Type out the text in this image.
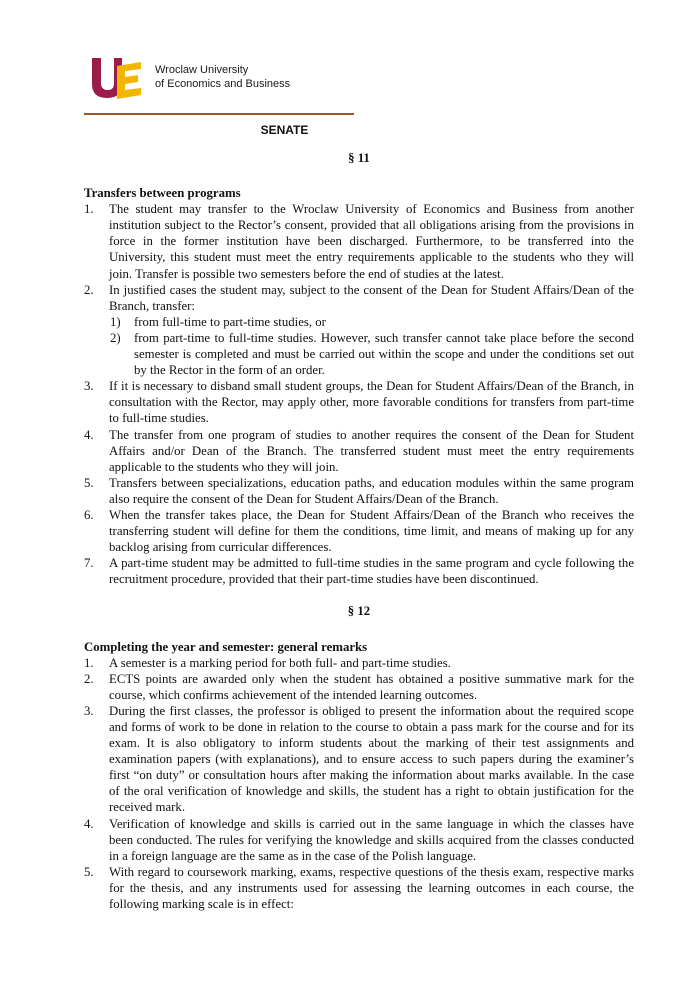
Wroclaw University
of Economics and Business
SENATE
§ 11
Transfers between programs
1. The student may transfer to the Wroclaw University of Economics and Business from another institution subject to the Rector’s consent, provided that all obligations arising from the provisions in force in the former institution have been discharged. Furthermore, to be transferred into the University, this student must meet the entry requirements applicable to the students who they will join. Transfer is possible two semesters before the end of studies at the latest.
2. In justified cases the student may, subject to the consent of the Dean for Student Affairs/Dean of the Branch, transfer:
1) from full-time to part-time studies, or
2) from part-time to full-time studies. However, such transfer cannot take place before the second semester is completed and must be carried out within the scope and under the conditions set out by the Rector in the form of an order.
3. If it is necessary to disband small student groups, the Dean for Student Affairs/Dean of the Branch, in consultation with the Rector, may apply other, more favorable conditions for transfers from part-time to full-time studies.
4. The transfer from one program of studies to another requires the consent of the Dean for Student Affairs and/or Dean of the Branch. The transferred student must meet the entry requirements applicable to the students who they will join.
5. Transfers between specializations, education paths, and education modules within the same program also require the consent of the Dean for Student Affairs/Dean of the Branch.
6. When the transfer takes place, the Dean for Student Affairs/Dean of the Branch who receives the transferring student will define for them the conditions, time limit, and means of making up for any backlog arising from curricular differences.
7. A part-time student may be admitted to full-time studies in the same program and cycle following the recruitment procedure, provided that their part-time studies have been discontinued.
§ 12
Completing the year and semester: general remarks
1. A semester is a marking period for both full- and part-time studies.
2. ECTS points are awarded only when the student has obtained a positive summative mark for the course, which confirms achievement of the intended learning outcomes.
3. During the first classes, the professor is obliged to present the information about the required scope and forms of work to be done in relation to the course to obtain a pass mark for the course and for its exam. It is also obligatory to inform students about the marking of their test assignments and examination papers (with explanations), and to ensure access to such papers during the examiner’s first “on duty” or consultation hours after making the information about marks available. In the case of the oral verification of knowledge and skills, the student has a right to obtain justification for the received mark.
4. Verification of knowledge and skills is carried out in the same language in which the classes have been conducted. The rules for verifying the knowledge and skills acquired from the classes conducted in a foreign language are the same as in the case of the Polish language.
5. With regard to coursework marking, exams, respective questions of the thesis exam, respective marks for the thesis, and any instruments used for assessing the learning outcomes in each course, the following marking scale is in effect:
